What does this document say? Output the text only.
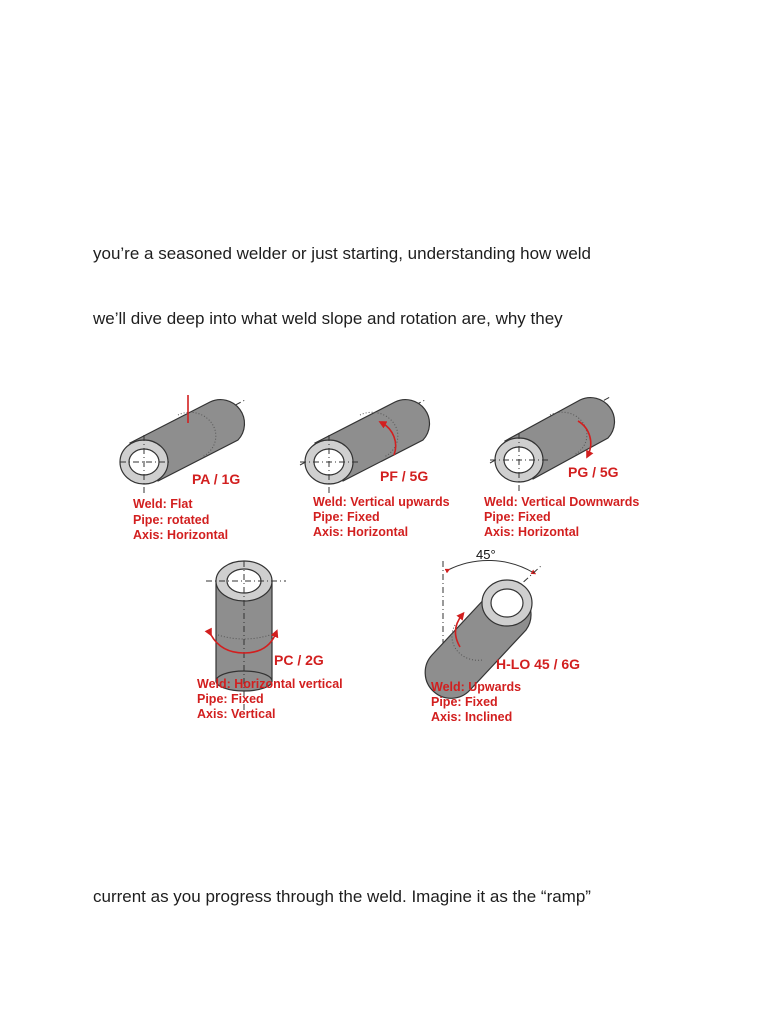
you’re a seasoned welder or just starting, understanding how weld
we’ll dive deep into what weld slope and rotation are, why they
PA / 1G
Weld: Flat
Pipe: rotated
Axis: Horizontal
PF / 5G
Weld: Vertical upwards
Pipe: Fixed
Axis: Horizontal
PG / 5G
Weld: Vertical Downwards
Pipe: Fixed
Axis: Horizontal
PC / 2G
Weld: Horizontal vertical
Pipe: Fixed
Axis: Vertical
45°
H-LO 45 / 6G
Weld: Upwards
Pipe: Fixed
Axis: Inclined
current as you progress through the weld. Imagine it as the “ramp”
